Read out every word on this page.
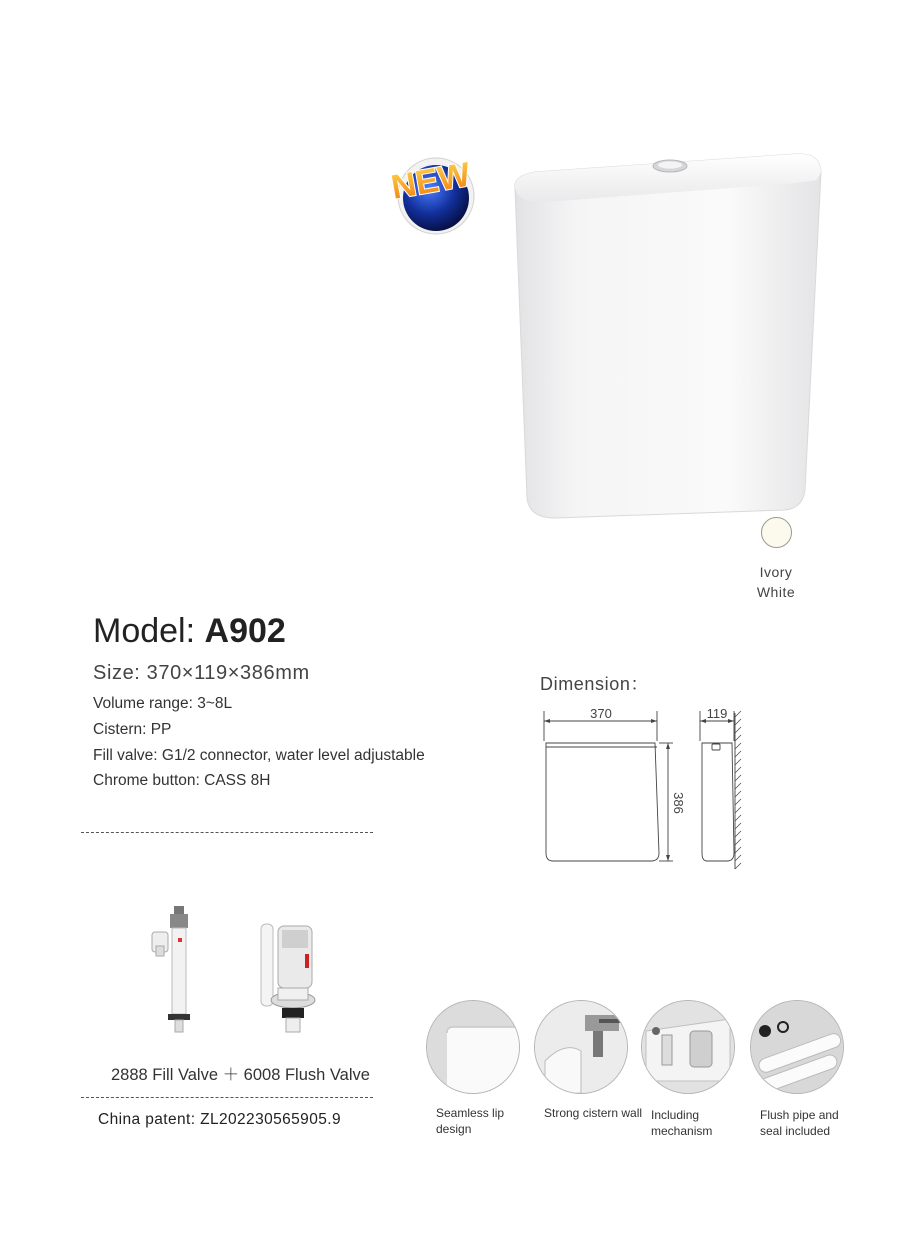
NEW
Ivory
White
Model: A902
Size: 370×119×386mm
Volume range: 3~8L
Cistern: PP
Fill valve: G1/2 connector, water level adjustable
Chrome button: CASS 8H
Dimension：
370	119
386
2888 Fill Valve ＋ 6008 Flush Valve
China patent: ZL202230565905.9	Seamless lip design
Strong cistern wall Including mechanism
Flush pipe and seal included
